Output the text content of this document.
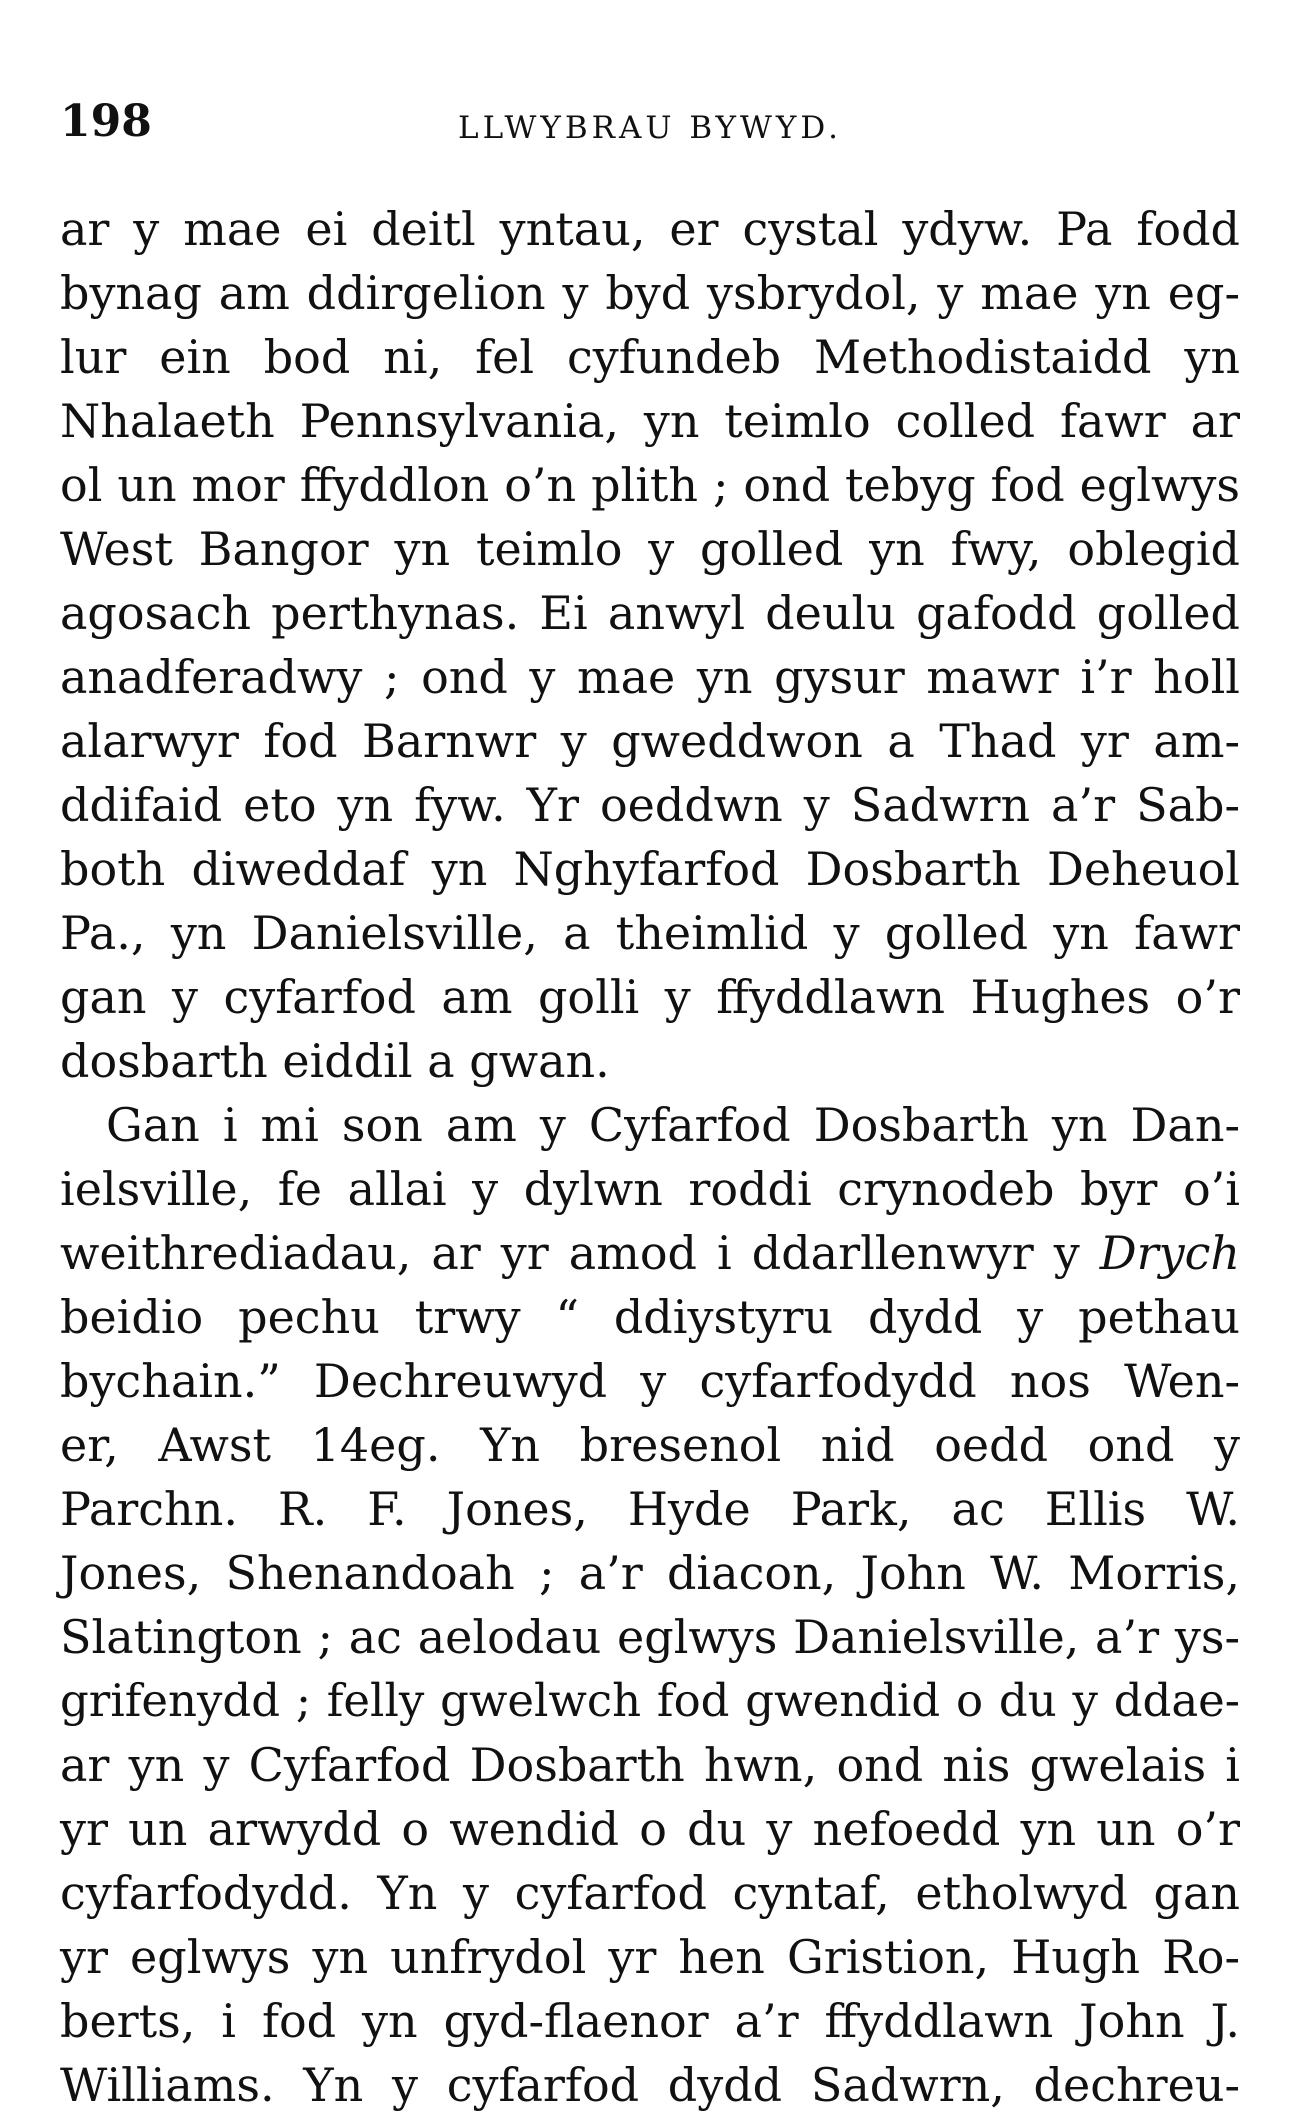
198	LLWYBRAU BYWYD.
ar y mae ei deitl yntau, er cystal ydyw. Pa fodd
bynag am ddirgelion y byd ysbrydol, y mae yn eg-
lur ein bod ni, fel cyfundeb Methodistaidd yn
Nhalaeth Pennsylvania, yn teimlo colled fawr ar
ol un mor ffyddlon o’n plith ; ond tebyg fod eglwys
West Bangor yn teimlo y golled yn fwy, oblegid
agosach perthynas. Ei anwyl deulu gafodd golled
anadferadwy ; ond y mae yn gysur mawr i’r holl
alarwyr fod Barnwr y gweddwon a Thad yr am-
ddifaid eto yn fyw. Yr oeddwn y Sadwrn a’r Sab-
both diweddaf yn Nghyfarfod Dosbarth Deheuol
Pa., yn Danielsville, a theimlid y golled yn fawr
gan y cyfarfod am golli y ffyddlawn Hughes o’r
dosbarth eiddil a gwan.
Gan i mi son am y Cyfarfod Dosbarth yn Dan-
ielsville, fe allai y dylwn roddi crynodeb byr o’i
weithrediadau, ar yr amod i ddarllenwyr y Drych
beidio pechu trwy “ ddiystyru dydd y pethau
bychain.” Dechreuwyd y cyfarfodydd nos Wen-
er, Awst 14eg. Yn bresenol nid oedd ond y
Parchn. R. F. Jones, Hyde Park, ac Ellis W.
Jones, Shenandoah ; a’r diacon, John W. Morris,
Slatington ; ac aelodau eglwys Danielsville, a’r ys-
grifenydd ; felly gwelwch fod gwendid o du y ddae-
ar yn y Cyfarfod Dosbarth hwn, ond nis gwelais i
yr un arwydd o wendid o du y nefoedd yn un o’r
cyfarfodydd. Yn y cyfarfod cyntaf, etholwyd gan
yr eglwys yn unfrydol yr hen Gristion, Hugh Ro-
berts, i fod yn gyd-flaenor a’r ffyddlawn John J.
Williams. Yn y cyfarfod dydd Sadwrn, dechreu-
